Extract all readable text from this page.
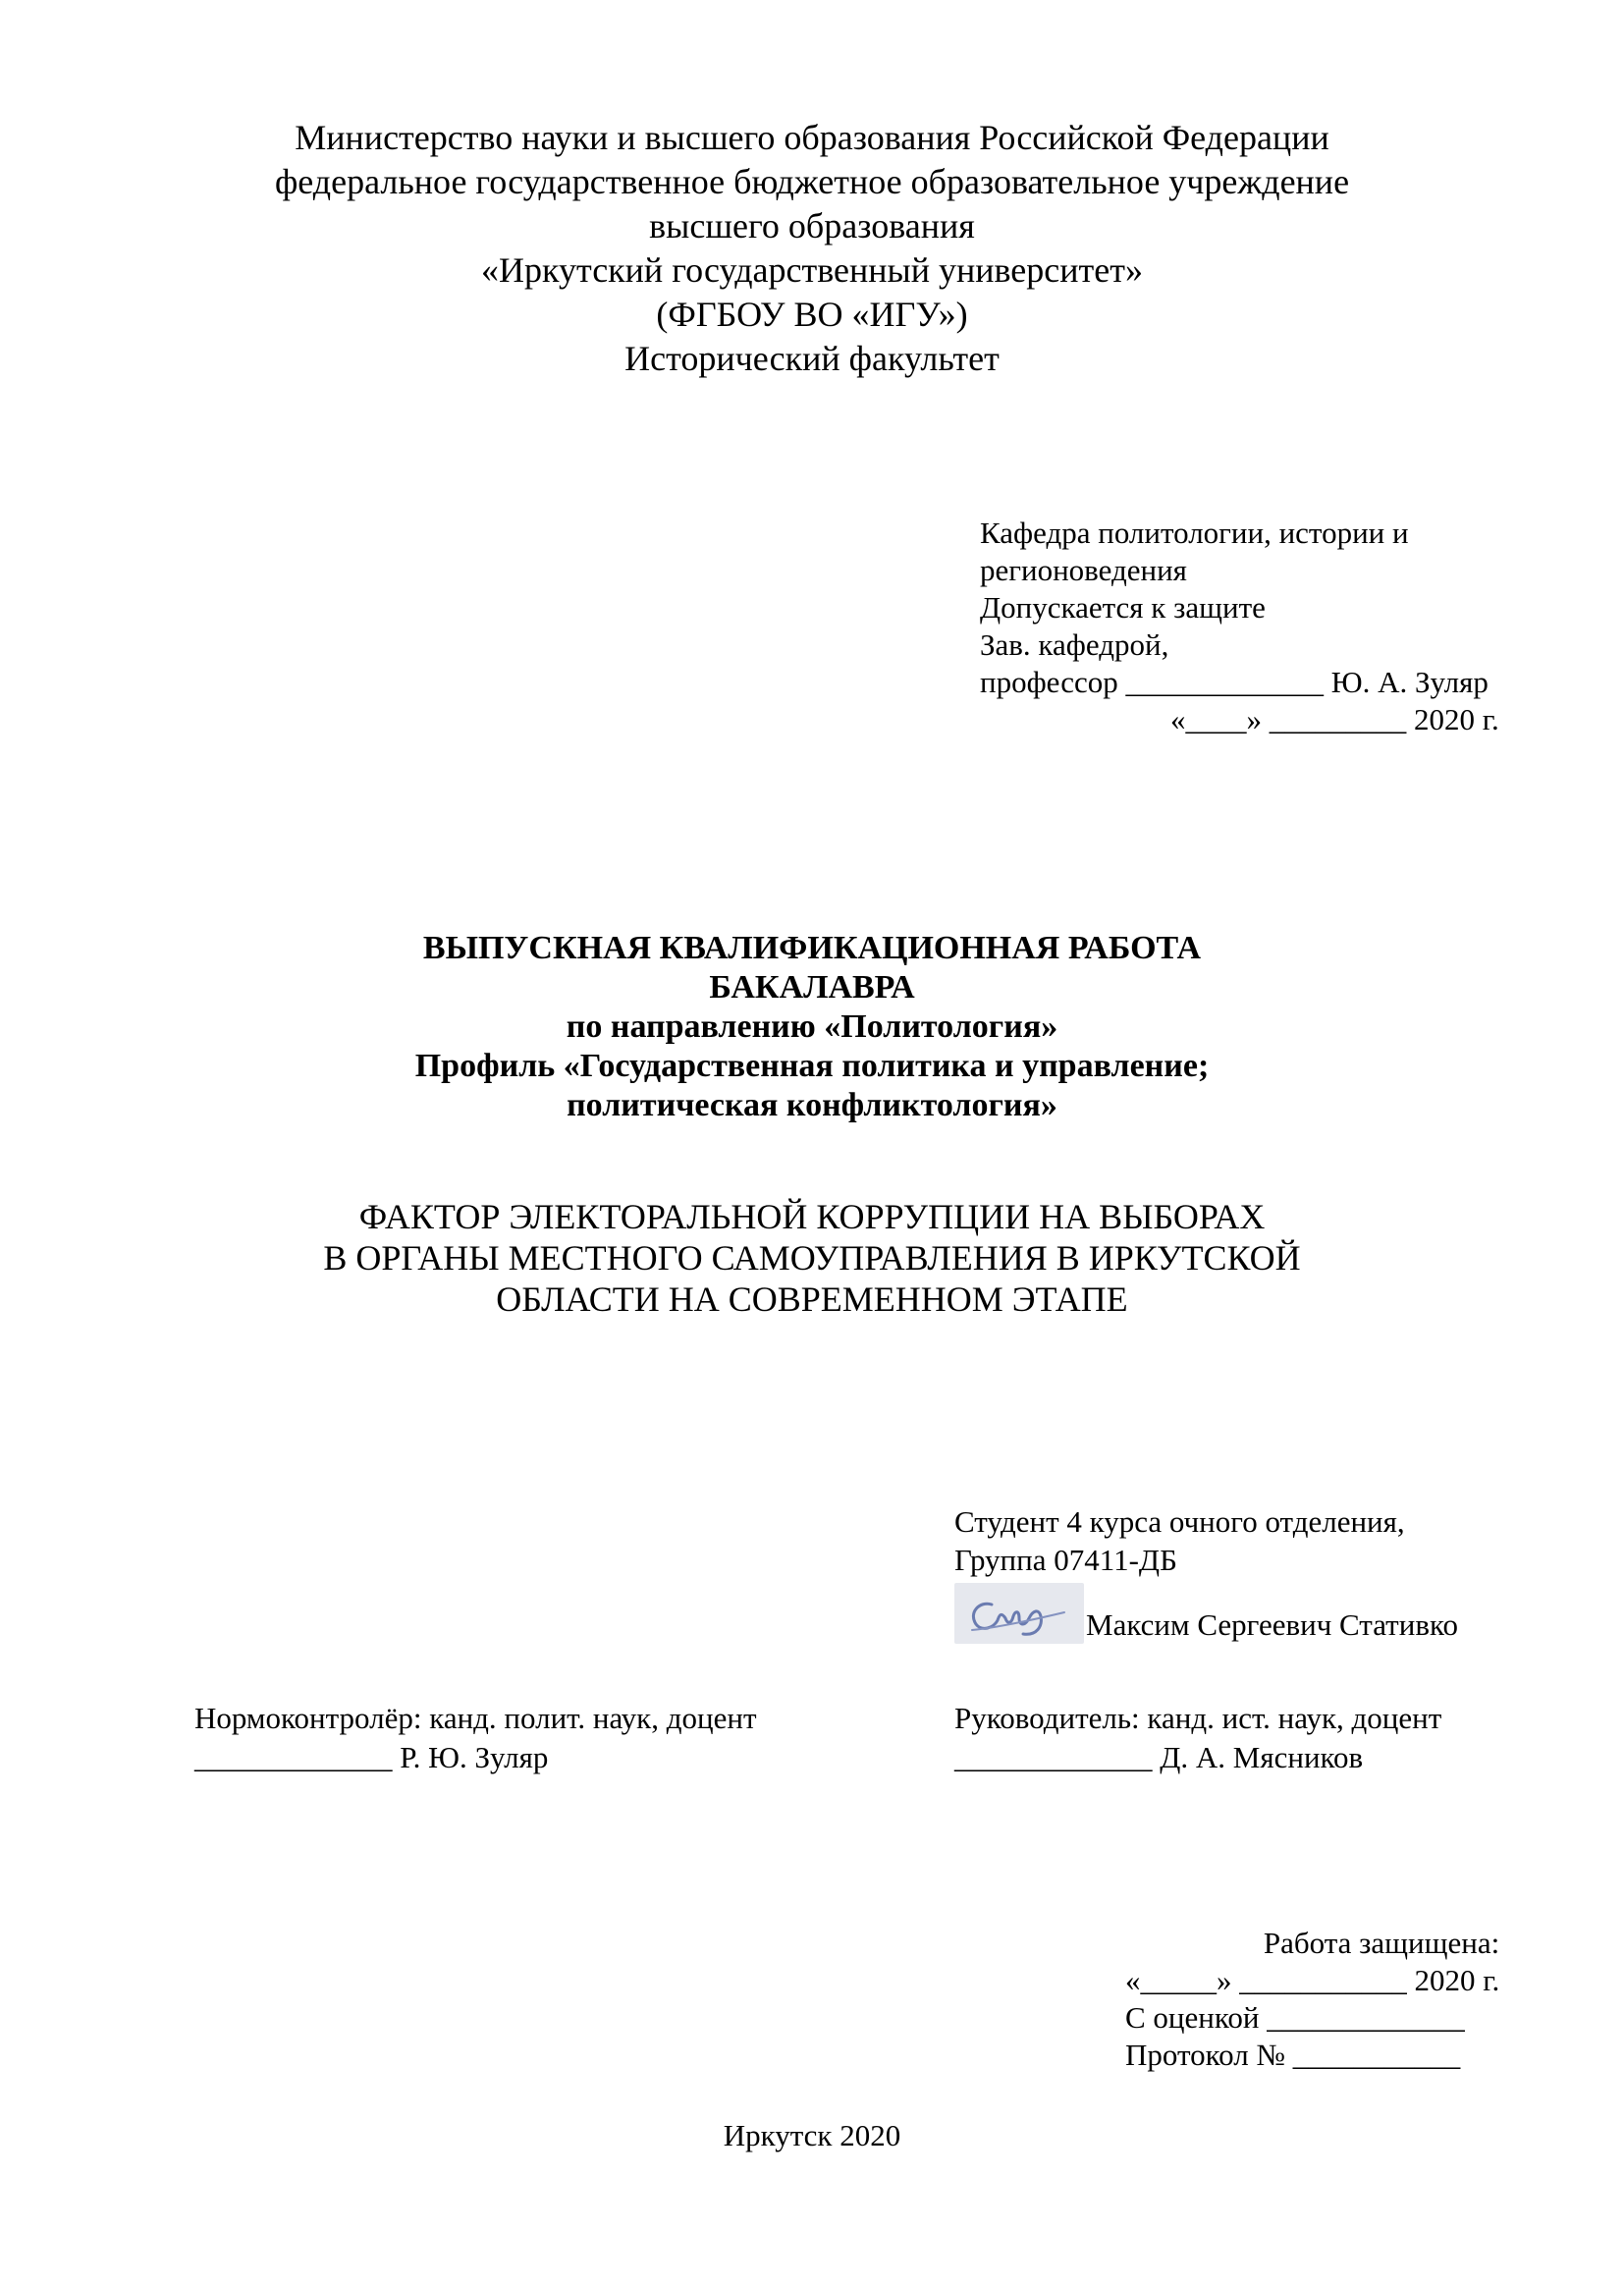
Министерство науки и высшего образования Российской Федерации
федеральное государственное бюджетное образовательное учреждение
высшего образования
«Иркутский государственный университет»
(ФГБОУ ВО «ИГУ»)
Исторический факультет
Кафедра политологии, истории и
регионоведения
Допускается к защите
Зав. кафедрой,
профессор _____________ Ю. А. Зуляр
«____» _________ 2020 г.
ВЫПУСКНАЯ КВАЛИФИКАЦИОННАЯ РАБОТА
БАКАЛАВРА
по направлению «Политология»
Профиль «Государственная политика и управление;
политическая конфликтология»
ФАКТОР ЭЛЕКТОРАЛЬНОЙ КОРРУПЦИИ НА ВЫБОРАХ
В ОРГАНЫ МЕСТНОГО САМОУПРАВЛЕНИЯ В ИРКУТСКОЙ
ОБЛАСТИ НА СОВРЕМЕННОМ ЭТАПЕ
Студент 4 курса очного отделения,
Группа 07411-ДБ
Максим Сергеевич Стативко
Нормоконтролёр: канд. полит. наук, доцент
_____________ Р. Ю. Зуляр
Руководитель: канд. ист. наук, доцент
_____________ Д. А. Мясников
Работа защищена:
«_____» ___________ 2020 г.
С оценкой _____________
Протокол № ___________
Иркутск 2020
